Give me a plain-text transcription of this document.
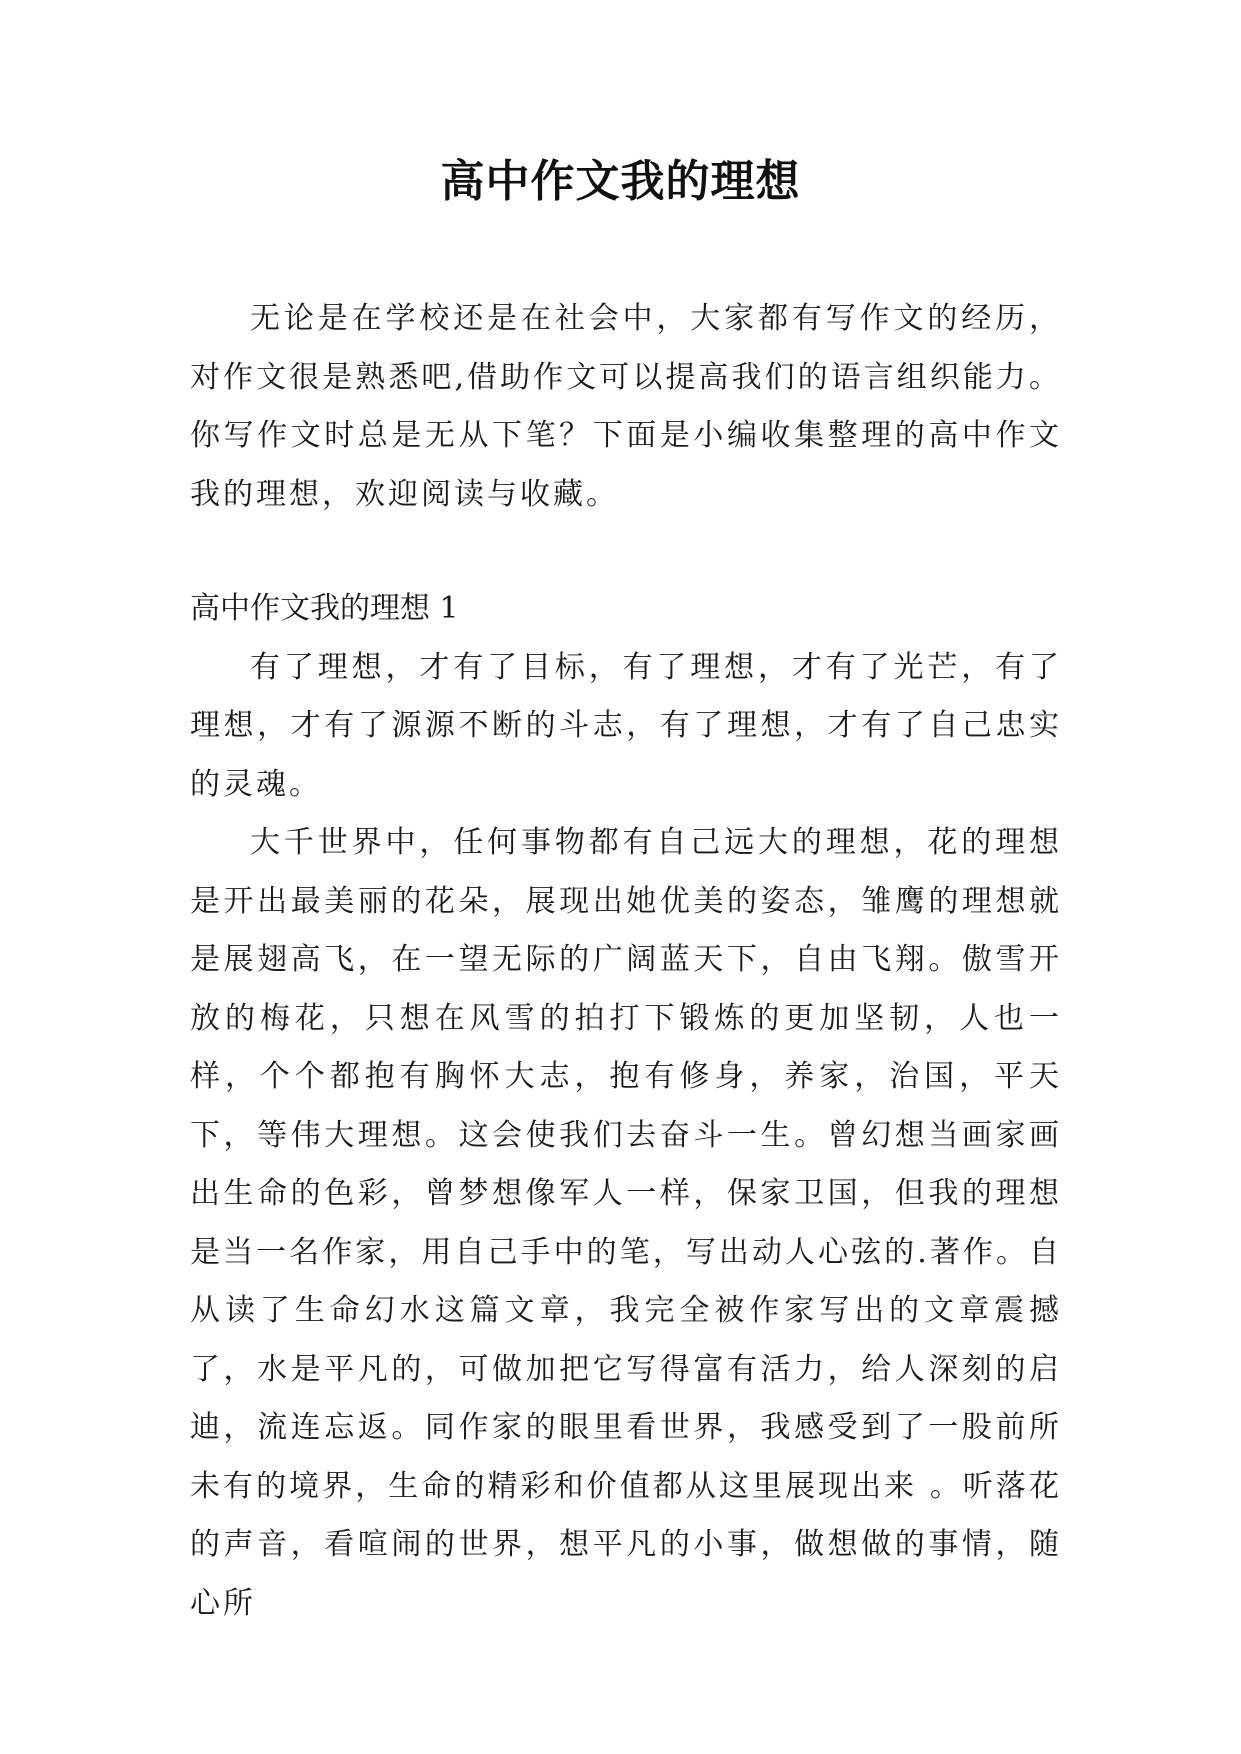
高中作文我的理想

无论是在学校还是在社会中，大家都有写作文的经历，对作文很是熟悉吧,借助作文可以提高我们的语言组织能力。你写作文时总是无从下笔？下面是小编收集整理的高中作文我的理想，欢迎阅读与收藏。

高中作文我的理想 1

有了理想，才有了目标，有了理想，才有了光芒，有了理想，才有了源源不断的斗志，有了理想，才有了自己忠实的灵魂。

大千世界中，任何事物都有自己远大的理想，花的理想是开出最美丽的花朵，展现出她优美的姿态，雏鹰的理想就是展翅高飞，在一望无际的广阔蓝天下，自由飞翔。傲雪开放的梅花，只想在风雪的拍打下锻炼的更加坚韧，人也一样，个个都抱有胸怀大志，抱有修身，养家，治国，平天下，等伟大理想。这会使我们去奋斗一生。曾幻想当画家画出生命的色彩，曾梦想像军人一样，保家卫国，但我的理想是当一名作家，用自己手中的笔，写出动人心弦的.著作。自从读了生命幻水这篇文章，我完全被作家写出的文章震撼了，水是平凡的，可做加把它写得富有活力，给人深刻的启迪，流连忘返。同作家的眼里看世界，我感受到了一股前所未有的境界，生命的精彩和价值都从这里展现出来 。听落花的声音，看喧闹的世界，想平凡的小事，做想做的事情，随心所
